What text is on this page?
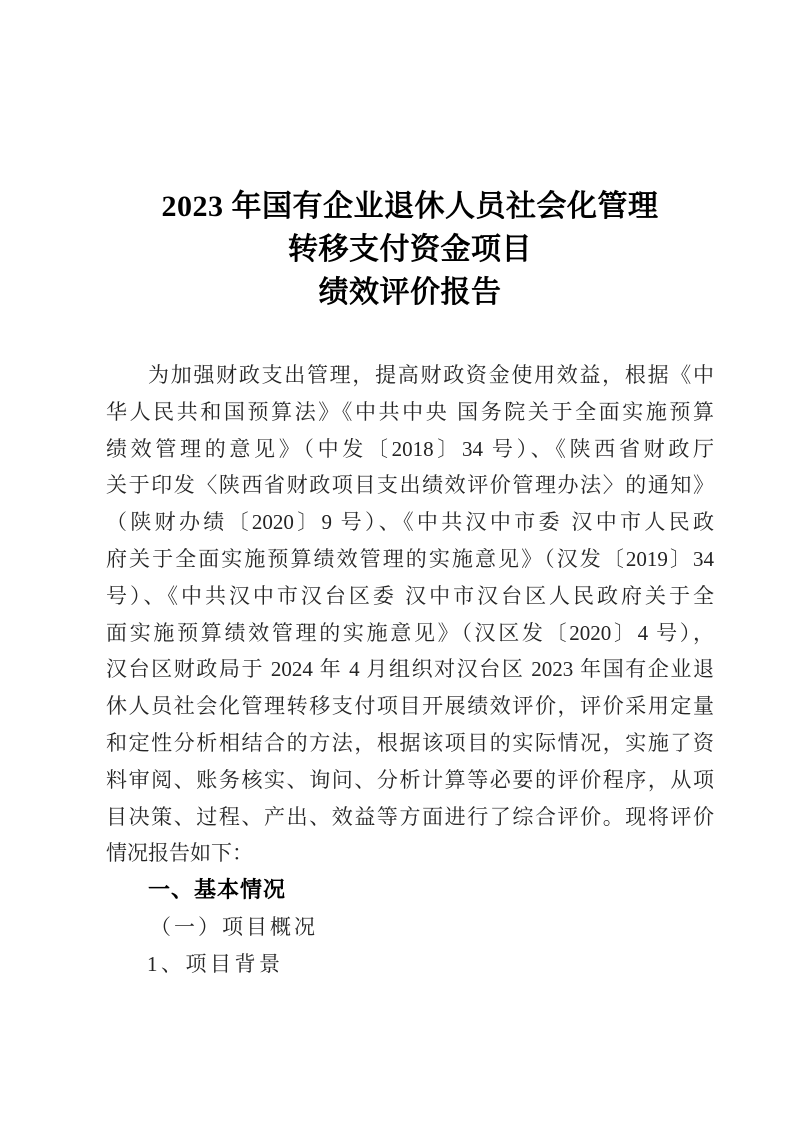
2023 年国有企业退休人员社会化管理
转移支付资金项目
绩效评价报告
为加强财政支出管理，提高财政资金使用效益，根据《中
华人民共和国预算法》《中共中央 国务院关于全面实施预算
绩效管理的意见》（中发〔2018〕34 号）、《陕西省财政厅
关于印发〈陕西省财政项目支出绩效评价管理办法〉的通知》
（陕财办绩〔2020〕9 号）、《中共汉中市委 汉中市人民政
府关于全面实施预算绩效管理的实施意见》（汉发〔2019〕34
号）、《中共汉中市汉台区委 汉中市汉台区人民政府关于全
面实施预算绩效管理的实施意见》（汉区发〔2020〕4 号），
汉台区财政局于 2024 年 4 月组织对汉台区 2023 年国有企业退
休人员社会化管理转移支付项目开展绩效评价，评价采用定量
和定性分析相结合的方法，根据该项目的实际情况，实施了资
料审阅、账务核实、询问、分析计算等必要的评价程序，从项
目决策、过程、产出、效益等方面进行了综合评价。现将评价
情况报告如下：
一、基本情况
（一）项目概况
1、项目背景
